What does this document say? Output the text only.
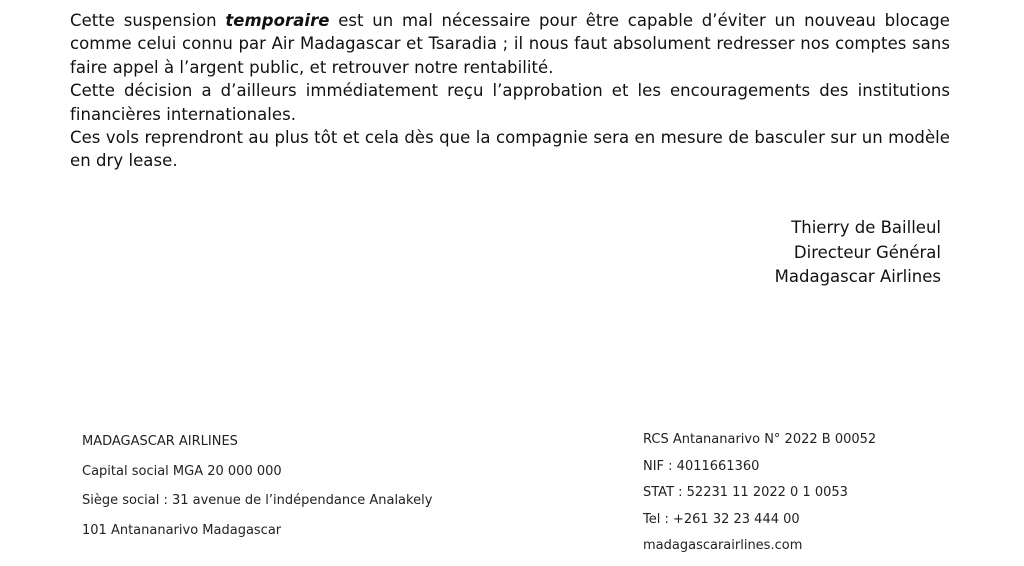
Cette suspension temporaire est un mal nécessaire pour être capable d’éviter un nouveau blocage comme celui connu par Air Madagascar et Tsaradia ; il nous faut absolument redresser nos comptes sans faire appel à l’argent public, et retrouver notre rentabilité.

Cette décision a d’ailleurs immédiatement reçu l’approbation et les encouragements des institutions financières internationales.

Ces vols reprendront au plus tôt et cela dès que la compagnie sera en mesure de basculer sur un modèle en dry lease.

Thierry de Bailleul
Directeur Général
Madagascar Airlines
MADAGASCAR AIRLINES
Capital social MGA 20 000 000
Siège social : 31 avenue de l’indépendance Analakely
101 Antananarivo Madagascar
RCS Antananarivo N° 2022 B 00052
NIF : 4011661360
STAT : 52231 11 2022 0 1 0053
Tel : +261 32 23 444 00
madagascarairlines.com
